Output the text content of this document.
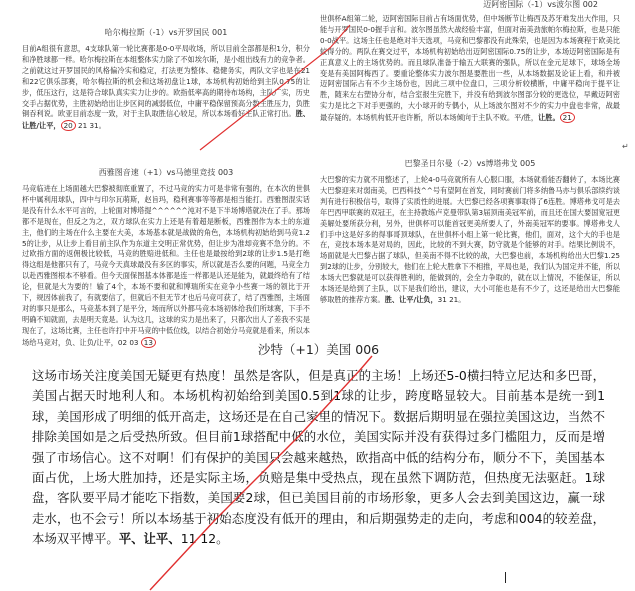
哈尔梅拉斯（-1）vs开罗国民 001
目前A组很有意思，4支球队第一轮比赛都是0-0平局收场，所以目前全部都是积1分，积分和净胜球都一样。哈尔梅拉斯在本组整体实力除了不如埃尔斯，是小组出线有力的竞争者。之前就这过开罗国民的风格偏冷实和稳定，打法更为整体、稳健务实，两队文字也是在21和22它俱乐部赛，哈尔梅拉斯的机会和这场初盘让1球，本场机构初始给到主队0.75的让步，低压这行，这是符合球队真实实力让步的。欧指低率高的期待布场构，主队广实，历史交手占据优势，主胜初始给出让步区间的减弱低位，中庸平稳保留预高分数主胜压力，负胜铜吞利说。欧亚目前态度一致，对于主队取胜信心较足，所以本场看好主队正常打出。胜、让胜/让平， 20 21 31。
迈阿密国际（-1）vs波尔图 002
世俱杯A组第二轮，迈阿密国际目前占有场面优势，但中场断节让梅西及苏牙难发出大作用，只能与开罗国民0-0握手言和。波尔图虽然大战经验丰富，但面对南美劲旅帕尔梅拉斯，也是只能0-0战平。这场主任也是绝对半天选项，马竞和巴黎都没有此殊荣，也是因为本场赛程于欧美比较得分的。两队在赛交过平，本场机构初始给出迈阿密国际0.75的让步，本场迈阿密国际是有正真意义上的主场优势的。而且球队准备于输五大联赛的强队，所以在金元足球下，球场全场变是有美国阿梅西了。要重论整体实力波尔图是要胜出一些，从本场数据及论证上看，和并被迈阿密国际占有不少主场份也，因此三项中位盘口，三项分析较横断，中庸平稳向于提平让胜，随来左右塑协分布，结合室报生完胜下，并没有给到波尔图部分较的更选位，早戴迈阿密实力是比之下对手更强的，大小球开的专偶小，从上场波尔图对不少的实力中盘也非常，战最最存疑的。本场机构低开也许断，所以本场倾向于主队不败。平/胜，让胜。 21
西雅图音速（+1）vs马德里竞技 003
马竞临进在上场面越大巴黎被彻底重置了，不过马竞的实力可是非常有强的，在本次的世俱杯中属利用球队，四中与印尔瓦萌斯，赵旨玛，稳利赛事等等都是相当能打。西雅图混实话是没有什么水平可言的，上轮面对博塔提^^^^^^沌对不是下半场博塔就决在了手。那场都不是现在，但反之为之，双方球队在实力上还是有着超是断板，西雅图作为本土的东道主，他们的主场在什么主要在大美，本场基本就是战做的角色，本场机构初始给到马竞1.25的让步，从让步上看目前主队作为东道主交明正常优势，但让步为准却竞赛不急分的。不过欧指方面的返佣极比较低，马竞的胜赔进低和。主任也是最按给到2球的让步1.5是打绝得这组是他都只有了，马竞今天真球最没有多区的事实，所以就是否么要的问题，马竞全力以赴西雅图根本不够看。但今天面保图基本体都是连一样都是认还是能为，就最终给有了结论，但就是大为要的！输了4个，本场不要和就和博瑞所实在竞争小些赛一场的领比于开下，规因体前我了，有就要信了，但就后不但无节才也后马竞可获了，结了西雅图，主场面对的事只是那么，马竞基本到了是平分，场而所以外都马竞本场初体给我们所球赛，下手不明确不知就面，去是明天竟是。认为这几，这球的实力是出来了，只都次出人了差我不实是现在了，这场比赛，主任也许打中开马竞的中低位线，以结合初始分马竞就是看来，所以本场给马竞对，负、让负/让平，02 03 13
巴黎圣日尔曼（-2）vs博塔弗戈 005
大巴黎的实力就不用整述了，上轮4-0马竞就所有人心服口服，本场就看能否翻转了，本场比赛大巴黎迎来对弱南美，巴西科技^^号有望阿在首发，同时赛前门将多纳鲁马亦与俱乐部续约谈判有进行积极信号，取得了实质性的进展。大巴黎已经各项赛事取得了6连胜。博塔弗戈可是去年巴西甲联赛的双冠王，在主持教练卢克曼带队第3届顶南美冠军前，而且还在国大要国宽冠更美解处要所获分利，另外，世俱杯可以能首冠更美所要人了，外南美冠军的要事。博塔弗戈人们手中这是好多的得事哥顶球队，在世俱杯小组上第一轮比赛，他们，面对，这个大的手也是在，竞技本场本是对局的，因此，比较的不到大赛，防守就是个能够的对手。结果比例说不，场面就是大巴黎占据了球队，但美南不得不比较的战，大巴黎也前，本场机构给出大巴黎1.25到2球的让步，分别较大，他们在上轮大胜拿下不相推，平局也是，我们认为国定并不能，所以本场大巴黎就是可以获得胜利的，能做到的，会全力争取的，就在以上情况，不能保证，所以本场还是给到了主队，以下是我们给出，建议，大小可能也是有不少了，这还是给出大巴黎能够取胜的推荐方案。胜、让平/让负，31 21。
沙特（+1）美国 006
这场市场关注度美国无疑更有热度！虽然是客队，但是真正的主场！上场还5-0横扫特立尼达和多巴哥，美国占据天时地利人和。本场机构初始给到美国0.5到1球的让步，跨度略显较大。目前基本是统一到1球，美国形成了明细的低开高走，这场还是在自己家里的情况下。数据后期明显在强拉美国这边，当然不排除美国如是之后受热所致。但目前1球搭配中低的水位，美国实际并没有获得过多门槛阻力，反而是增强了市场信心。这不对啊！们有保护的美国只会越来越热，欧指高中低的结构分布，顺分不下，美国基本面占优，上场大胜加持，还是实际主场，负赔是集中受热点，现在虽然下调防范，但热度无法驱赶。1球盘，客队要平局才能吃下指数，美国要2球，但已美国目前的市场形象，更多人会去到美国这边，赢一球走水，也不会亏！所以本场基于初始态度没有低开的理由，和后期强势走的走向，考虑和004的较差盘，本场双平博平。平、让平、11 12。
↵
